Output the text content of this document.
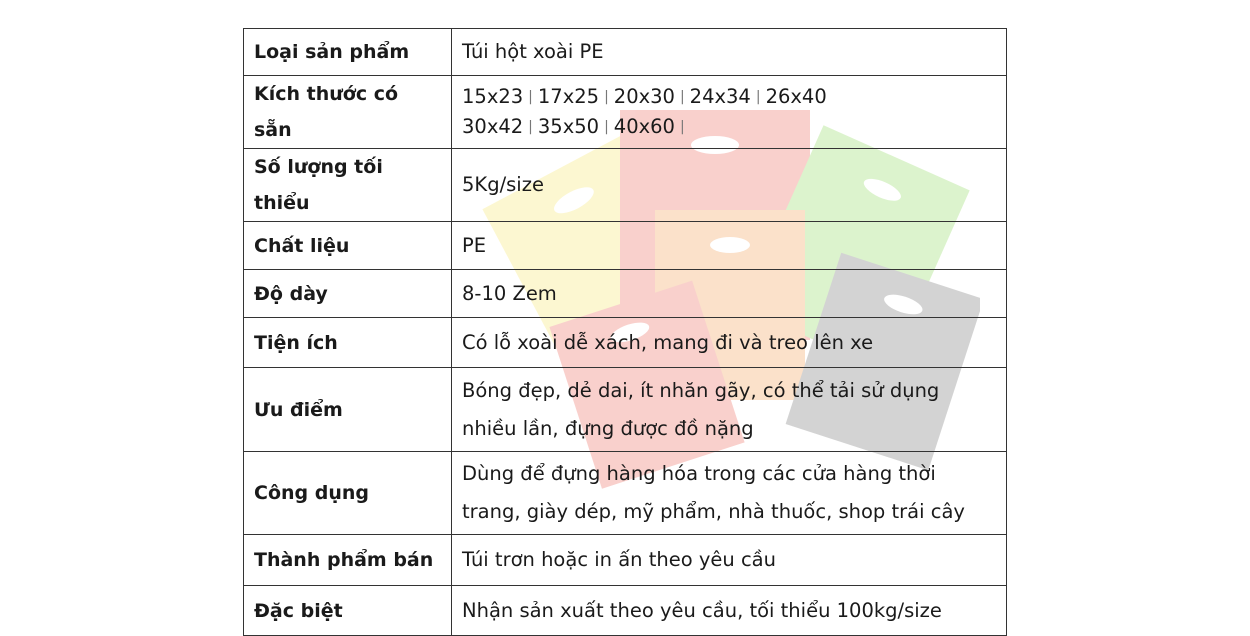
Loại sản phẩm	Túi hột xoài PE

Kích thước có sẵn	15x23 | 17x25 | 20x30 | 24x34 | 26x40
30x42 | 35x50 | 40x60 |

Số lượng tối thiểu	5Kg/size

Chất liệu	PE

Độ dày	8-10 Zem

Tiện ích	Có lỗ xoài dễ xách, mang đi và treo lên xe

Ưu điểm	Bóng đẹp, dẻ dai, ít nhăn gãy, có thể tải sử dụng
nhiều lần, đựng được đồ nặng

Công dụng	Dùng để đựng hàng hóa trong các cửa hàng thời
trang, giày dép, mỹ phẩm, nhà thuốc, shop trái cây

Thành phẩm bán	Túi trơn hoặc in ấn theo yêu cầu

Đặc biệt	Nhận sản xuất theo yêu cầu, tối thiểu 100kg/size
